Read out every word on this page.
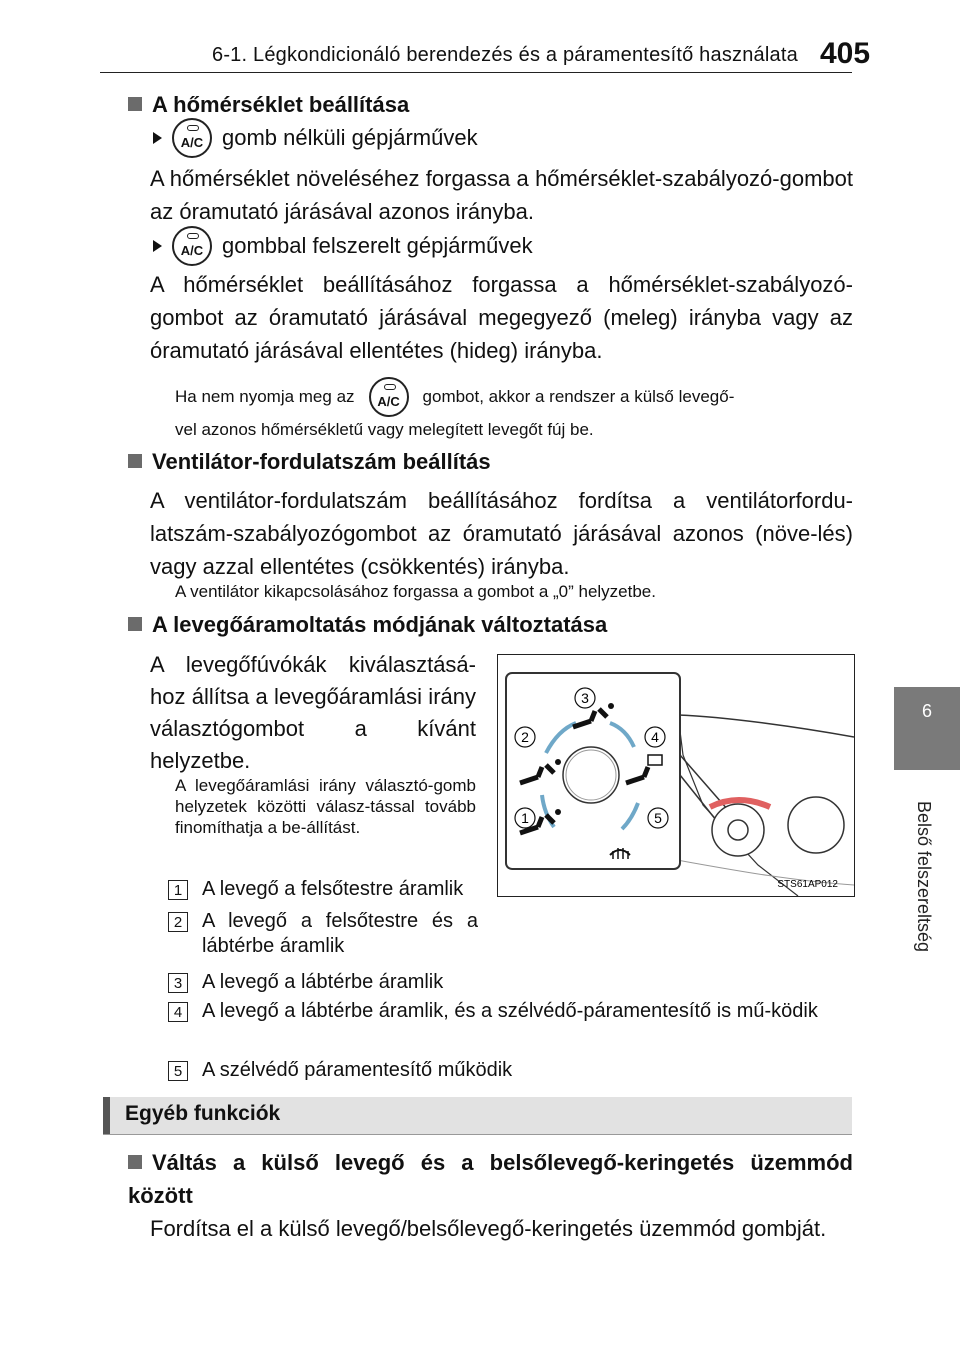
6-1. Légkondicionáló berendezés és a páramentesítő használata 405
6
Belső felszereltség
A hőmérséklet beállítása
A/C gomb nélküli gépjárművek
A hőmérséklet növeléséhez forgassa a hőmérséklet-szabályozó-gombot az óramutató járásával azonos irányba.
A/C gombbal felszerelt gépjárművek
A hőmérséklet beállításához forgassa a hőmérséklet-szabályozó-gombot az óramutató járásával megegyező (meleg) irányba vagy az óramutató járásával ellentétes (hideg) irányba.
Ha nem nyomja meg az A/C gombot, akkor a rendszer a külső levegő-
vel azonos hőmérsékletű vagy melegített levegőt fúj be.
Ventilátor-fordulatszám beállítás
A ventilátor-fordulatszám beállításához fordítsa a ventilátorfordu-latszám-szabályozógombot az óramutató járásával azonos (növe-lés) vagy azzal ellentétes (csökkentés) irányba.
A ventilátor kikapcsolásához forgassa a gombot a „0” helyzetbe.
A levegőáramoltatás módjának változtatása
A levegőfúvókák kiválasztásá-hoz állítsa a levegőáramlási irány választógombot a kívánt helyzetbe.
A levegőáramlási irány választó-gomb helyzetek közötti válasz-tással tovább finomíthatja a be-állítást.
1 A levegő a felsőtestre áramlik
2 A levegő a felsőtestre és a lábtérbe áramlik
3 A levegő a lábtérbe áramlik
4 A levegő a lábtérbe áramlik, és a szélvédő-páramentesítő is mű-ködik
5 A szélvédő páramentesítő működik
3
2	4
1	5
STS61AP012
Egyéb funkciók
Váltás a külső levegő és a belsőlevegő-keringetés üzemmód között
Fordítsa el a külső levegő/belsőlevegő-keringetés üzemmód gombját.
